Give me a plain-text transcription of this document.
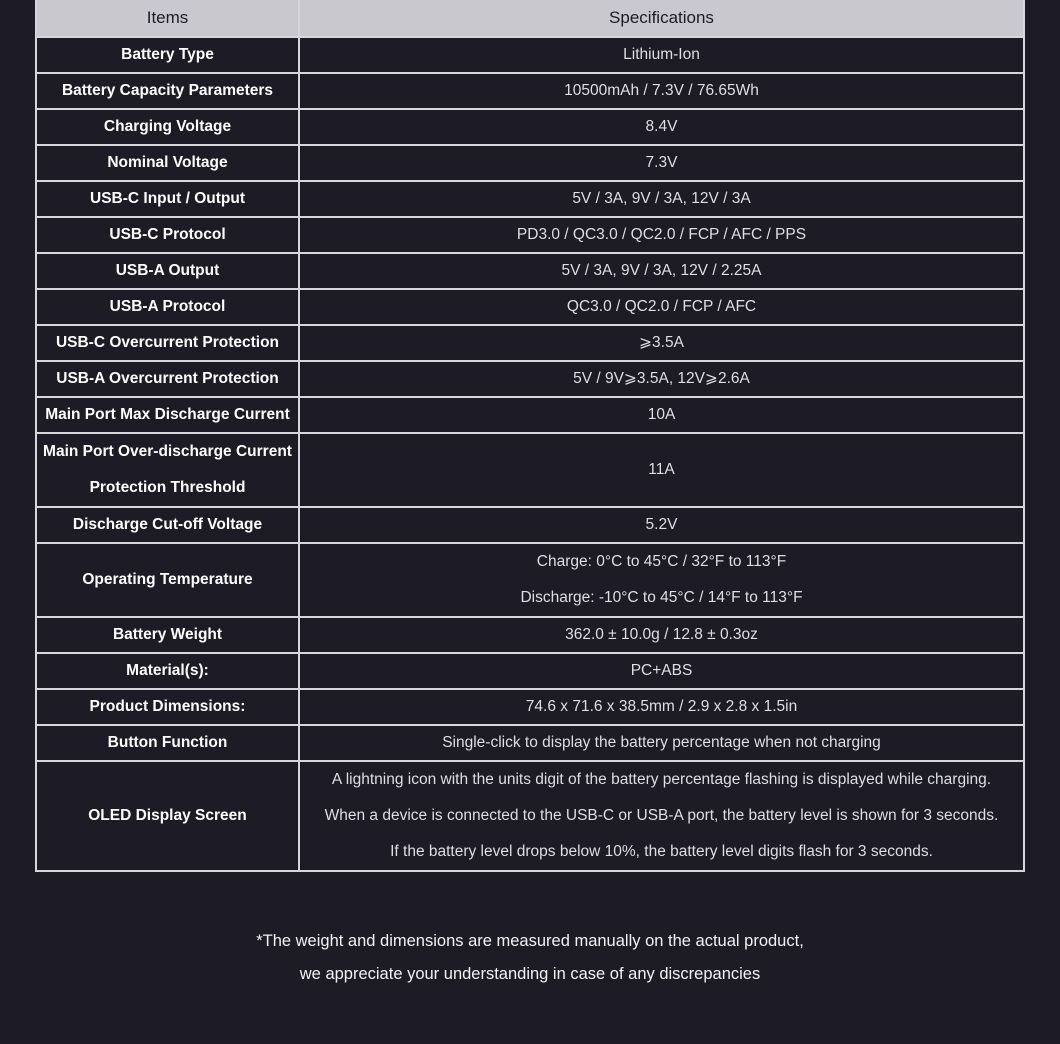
Items	Specifications
Battery Type	Lithium-Ion
Battery Capacity Parameters	10500mAh / 7.3V / 76.65Wh
Charging Voltage	8.4V
Nominal Voltage	7.3V
USB-C Input / Output	5V / 3A, 9V / 3A, 12V / 3A
USB-C Protocol	PD3.0 / QC3.0 / QC2.0 / FCP / AFC / PPS
USB-A Output	5V / 3A, 9V / 3A, 12V / 2.25A
USB-A Protocol	QC3.0 / QC2.0 / FCP / AFC
USB-C Overcurrent Protection	⩾3.5A
USB-A Overcurrent Protection	5V / 9V⩾3.5A, 12V⩾2.6A
Main Port Max Discharge Current	10A

Main Port Over-discharge Current
Protection Threshold	11A
Discharge Cut-off Voltage	5.2V
Operating Temperature	Charge: 0°C to 45°C / 32°F to 113°F
Discharge: -10°C to 45°C / 14°F to 113°F

Battery Weight	362.0 ± 10.0g / 12.8 ± 0.3oz
Material(s):	PC+ABS
Product Dimensions:	74.6 x 71.6 x 38.5mm / 2.9 x 2.8 x 1.5in
Button Function	Single-click to display the battery percentage when not charging
OLED Display Screen	A lightning icon with the units digit of the battery percentage flashing is displayed while charging.
When a device is connected to the USB-C or USB-A port, the battery level is shown for 3 seconds.
If the battery level drops below 10%, the battery level digits flash for 3 seconds.
*The weight and dimensions are measured manually on the actual product,
we appreciate your understanding in case of any discrepancies
